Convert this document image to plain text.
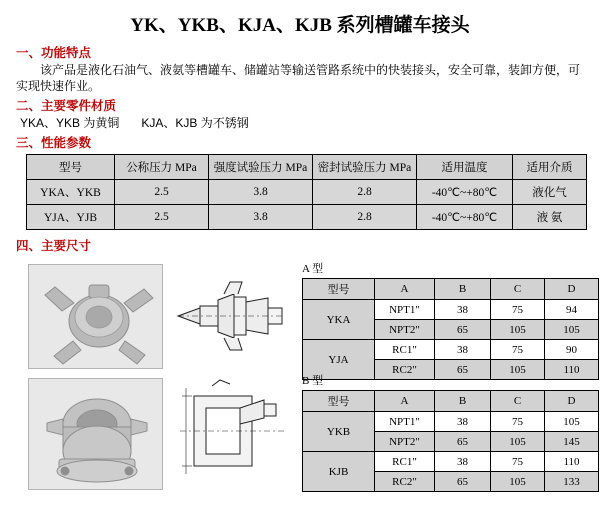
YK、YKB、KJA、KJB 系列槽罐车接头
一、功能特点
该产品是液化石油气、液氨等槽罐车、储罐站等输送管路系统中的快装接头，安全可靠，装卸方便，可实现快速作业。
二、主要零件材质
YKA、YKB 为黄铜 KJA、KJB 为不锈钢
三、性能参数
型号	公称压力 MPa	强度试验压力 MPa	密封试验压力 MPa	适用温度	适用介质
YKA、YKB	2.5	3.8	2.8	-40℃~+80℃	液化气
YJA、YJB	2.5	3.8	2.8	-40℃~+80℃	液 氨
四、主要尺寸
A 型
型号	A	B	C	D
YKA	NPT1"	38	75	94
	NPT2"	65	105	105
YJA	RC1"	38	75	90
	RC2"	65	105	110
B 型
型号	A	B	C	D
YKB	NPT1"	38	75	105
	NPT2"	65	105	145
KJB	RC1"	38	75	110
	RC2"	65	105	133
